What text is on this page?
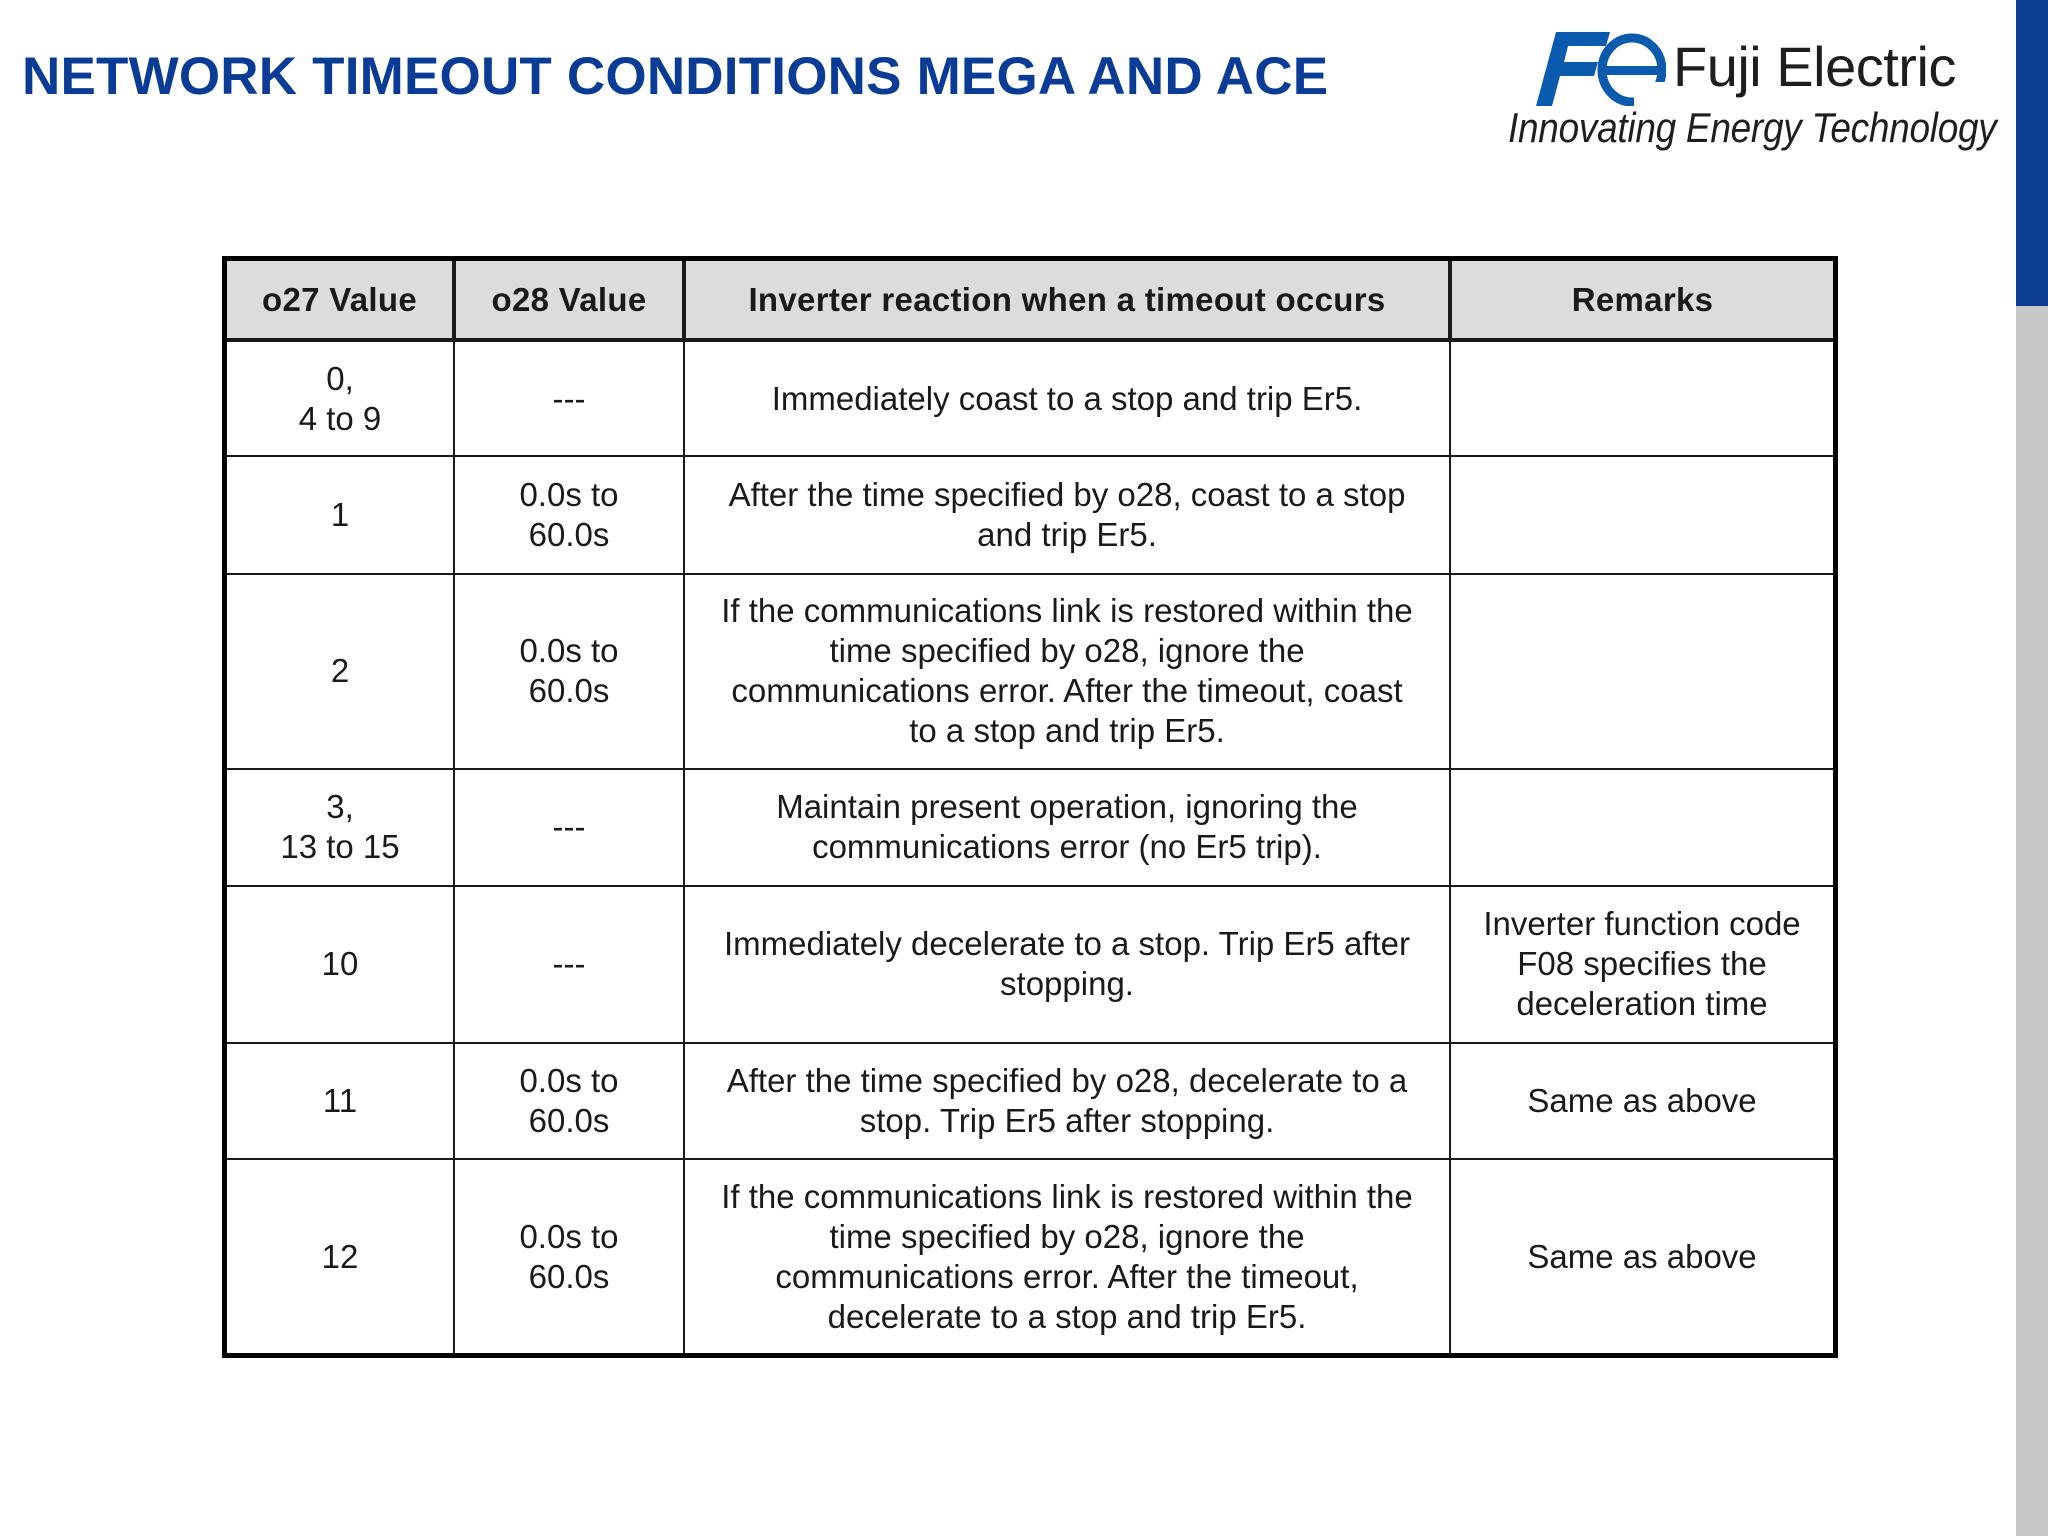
NETWORK TIMEOUT CONDITIONS MEGA AND ACE	Fuji Electric
Innovating Energy Technology
o27 Value	o28 Value	Inverter reaction when a timeout occurs	Remarks

0,
4 to 9	---	Immediately coast to a stop and trip Er5.	

1	0.0s to
60.0s	After the time specified by o28, coast to a stop
and trip Er5.	

2	0.0s to
60.0s	If the communications link is restored within the
time specified by o28, ignore the
communications error. After the timeout, coast
to a stop and trip Er5.	

3,
13 to 15	---	Maintain present operation, ignoring the
communications error (no Er5 trip).	

10	---	Immediately decelerate to a stop. Trip Er5 after
stopping.	Inverter function code
F08 specifies the
deceleration time

11	0.0s to
60.0s	After the time specified by o28, decelerate to a
stop. Trip Er5 after stopping.	Same as above

12	0.0s to
60.0s	If the communications link is restored within the
time specified by o28, ignore the
communications error. After the timeout,
decelerate to a stop and trip Er5.	Same as above
